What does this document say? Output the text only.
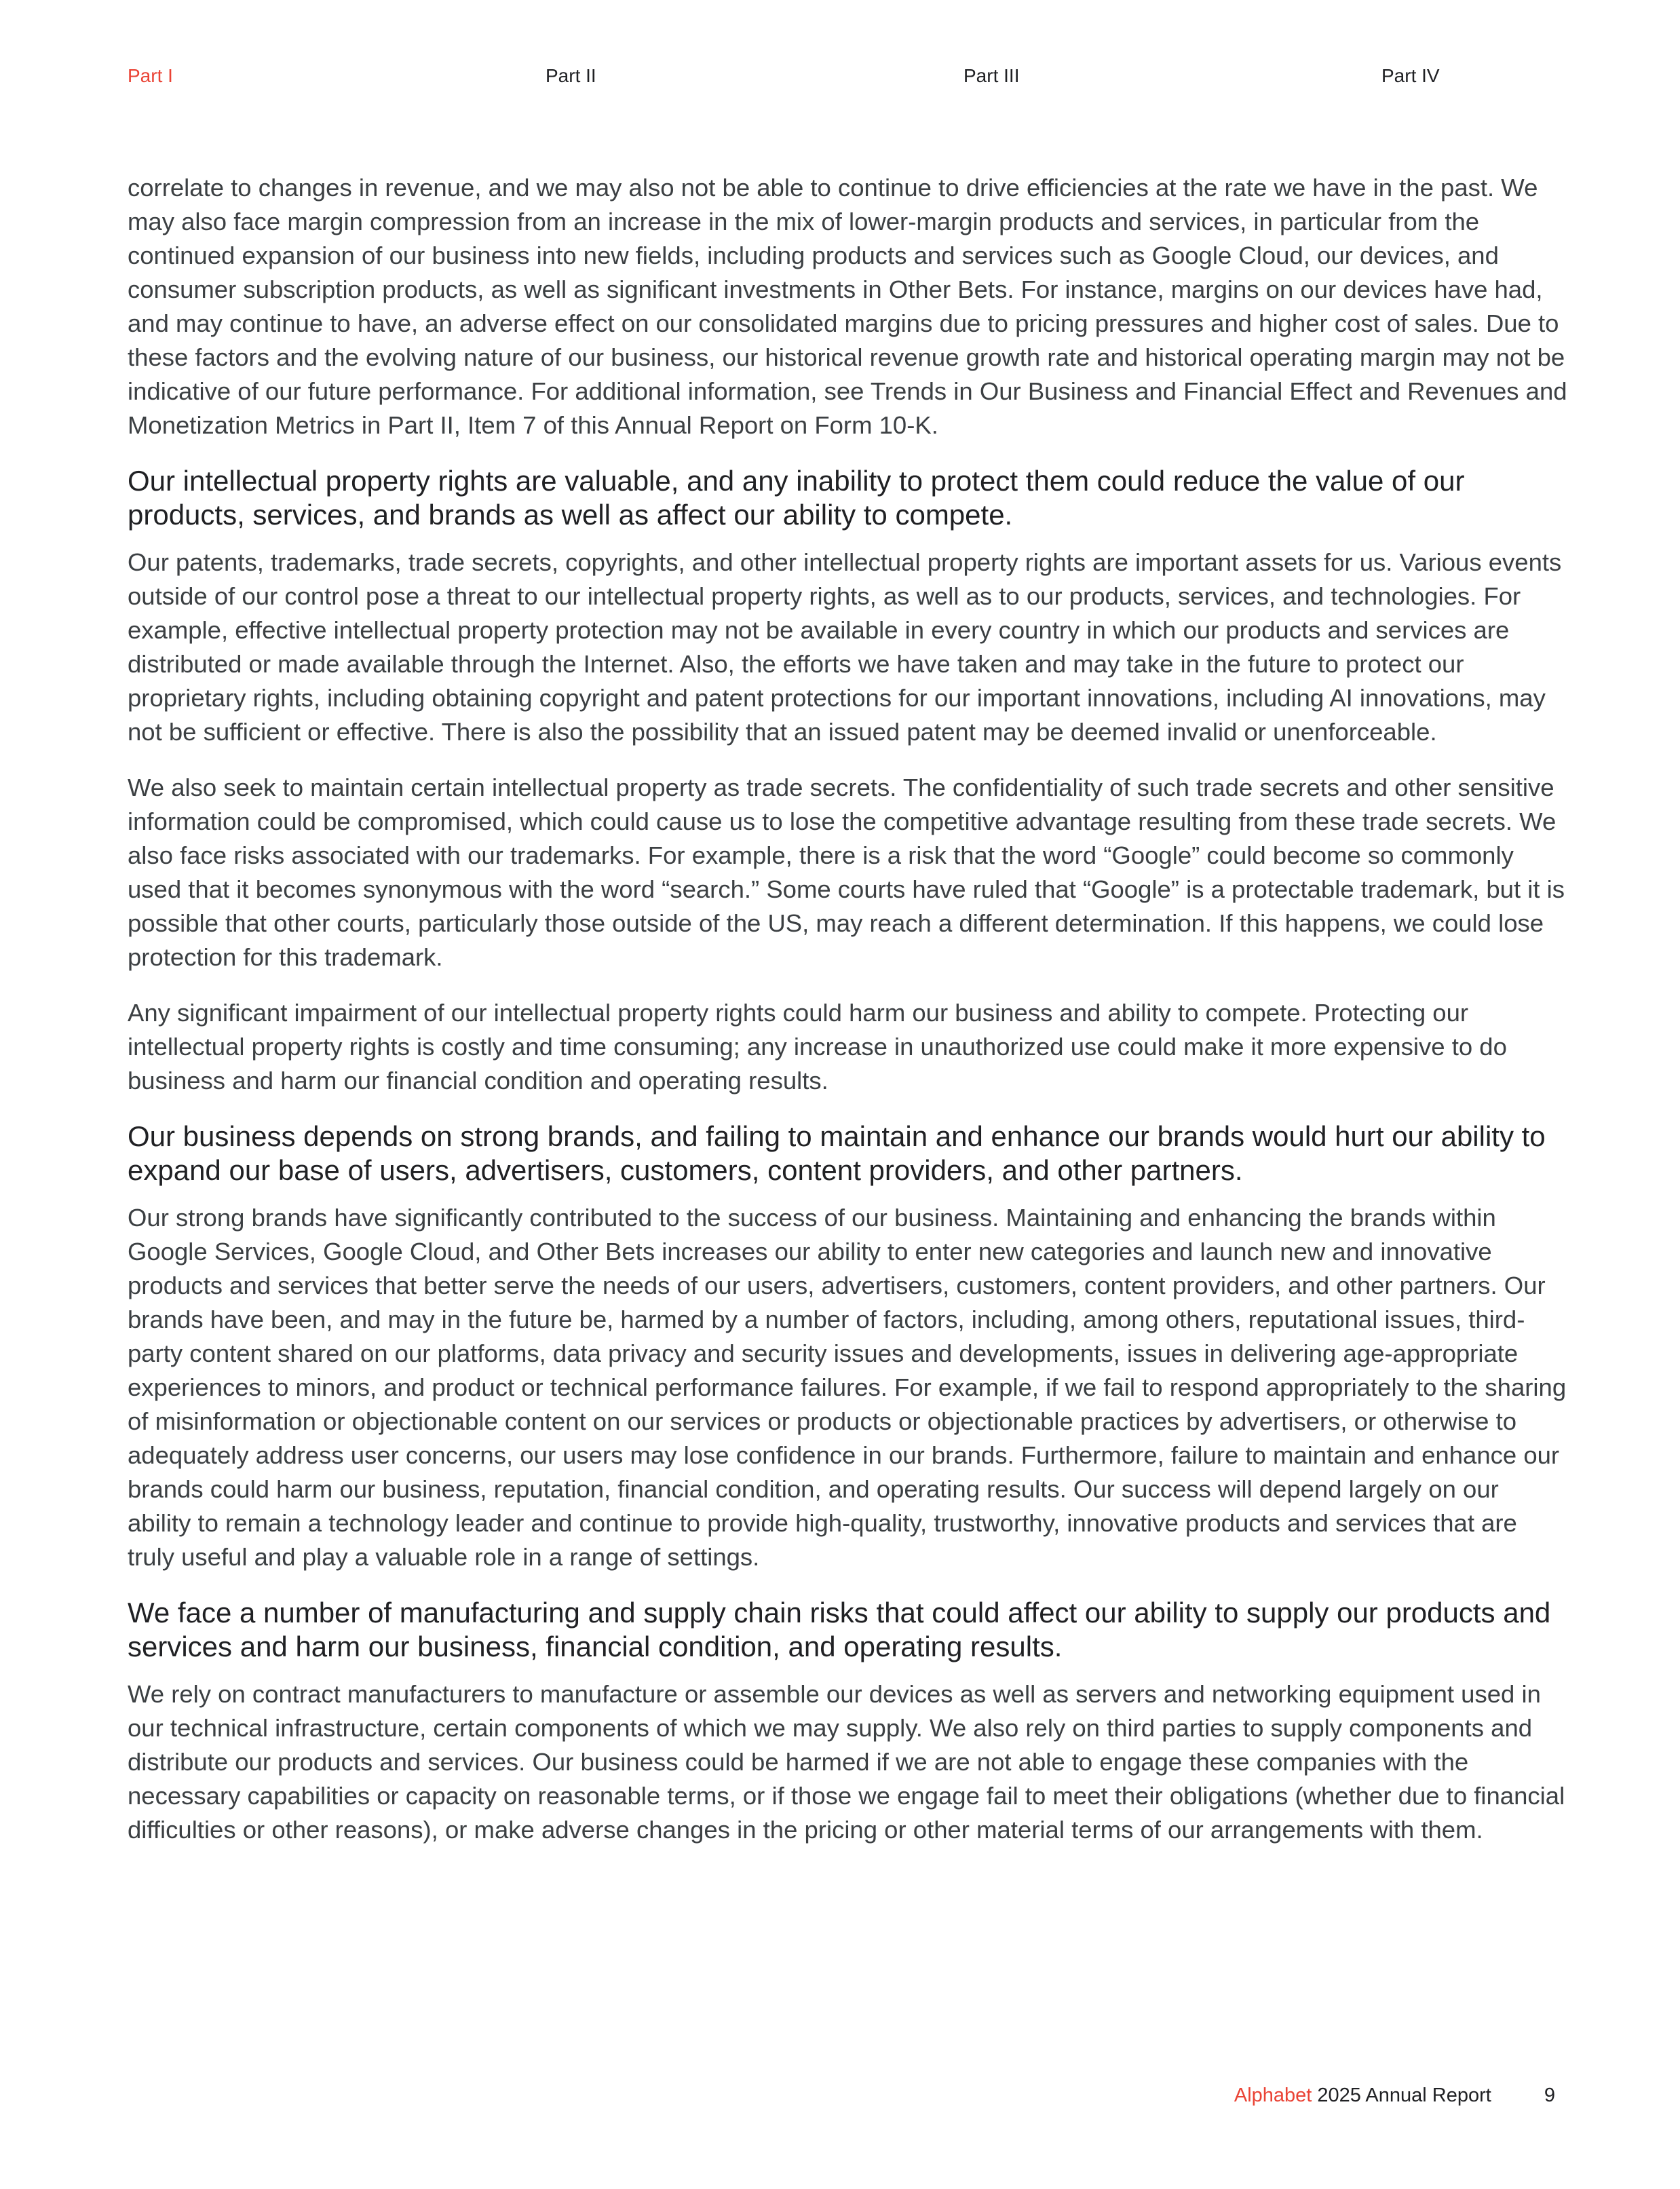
Part I	Part II	Part III	Part IV

correlate to changes in revenue, and we may also not be able to continue to drive efficiencies at the rate we have in the past. We may also face margin compression from an increase in the mix of lower-margin products and services, in particular from the continued expansion of our business into new fields, including products and services such as Google Cloud, our devices, and consumer subscription products, as well as significant investments in Other Bets. For instance, margins on our devices have had, and may continue to have, an adverse effect on our consolidated margins due to pricing pressures and higher cost of sales. Due to these factors and the evolving nature of our business, our historical revenue growth rate and historical operating margin may not be indicative of our future performance. For additional information, see Trends in Our Business and Financial Effect and Revenues and Monetization Metrics in Part II, Item 7 of this Annual Report on Form 10-K.

Our intellectual property rights are valuable, and any inability to protect them could reduce the value of our products, services, and brands as well as affect our ability to compete.

Our patents, trademarks, trade secrets, copyrights, and other intellectual property rights are important assets for us. Various events outside of our control pose a threat to our intellectual property rights, as well as to our products, services, and technologies. For example, effective intellectual property protection may not be available in every country in which our products and services are distributed or made available through the Internet. Also, the efforts we have taken and may take in the future to protect our proprietary rights, including obtaining copyright and patent protections for our important innovations, including AI innovations, may not be sufficient or effective. There is also the possibility that an issued patent may be deemed invalid or unenforceable.

We also seek to maintain certain intellectual property as trade secrets. The confidentiality of such trade secrets and other sensitive information could be compromised, which could cause us to lose the competitive advantage resulting from these trade secrets. We also face risks associated with our trademarks. For example, there is a risk that the word “Google” could become so commonly used that it becomes synonymous with the word “search.” Some courts have ruled that “Google” is a protectable trademark, but it is possible that other courts, particularly those outside of the US, may reach a different determination. If this happens, we could lose protection for this trademark.

Any significant impairment of our intellectual property rights could harm our business and ability to compete. Protecting our intellectual property rights is costly and time consuming; any increase in unauthorized use could make it more expensive to do business and harm our financial condition and operating results.

Our business depends on strong brands, and failing to maintain and enhance our brands would hurt our ability to expand our base of users, advertisers, customers, content providers, and other partners.

Our strong brands have significantly contributed to the success of our business. Maintaining and enhancing the brands within Google Services, Google Cloud, and Other Bets increases our ability to enter new categories and launch new and innovative products and services that better serve the needs of our users, advertisers, customers, content providers, and other partners. Our brands have been, and may in the future be, harmed by a number of factors, including, among others, reputational issues, third-party content shared on our platforms, data privacy and security issues and developments, issues in delivering age-appropriate experiences to minors, and product or technical performance failures. For example, if we fail to respond appropriately to the sharing of misinformation or objectionable content on our services or products or objectionable practices by advertisers, or otherwise to adequately address user concerns, our users may lose confidence in our brands. Furthermore, failure to maintain and enhance our brands could harm our business, reputation, financial condition, and operating results. Our success will depend largely on our ability to remain a technology leader and continue to provide high-quality, trustworthy, innovative products and services that are truly useful and play a valuable role in a range of settings.

We face a number of manufacturing and supply chain risks that could affect our ability to supply our products and services and harm our business, financial condition, and operating results.

We rely on contract manufacturers to manufacture or assemble our devices as well as servers and networking equipment used in our technical infrastructure, certain components of which we may supply. We also rely on third parties to supply components and distribute our products and services. Our business could be harmed if we are not able to engage these companies with the necessary capabilities or capacity on reasonable terms, or if those we engage fail to meet their obligations (whether due to financial difficulties or other reasons), or make adverse changes in the pricing or other material terms of our arrangements with them.

Alphabet 2025 Annual Report	9
